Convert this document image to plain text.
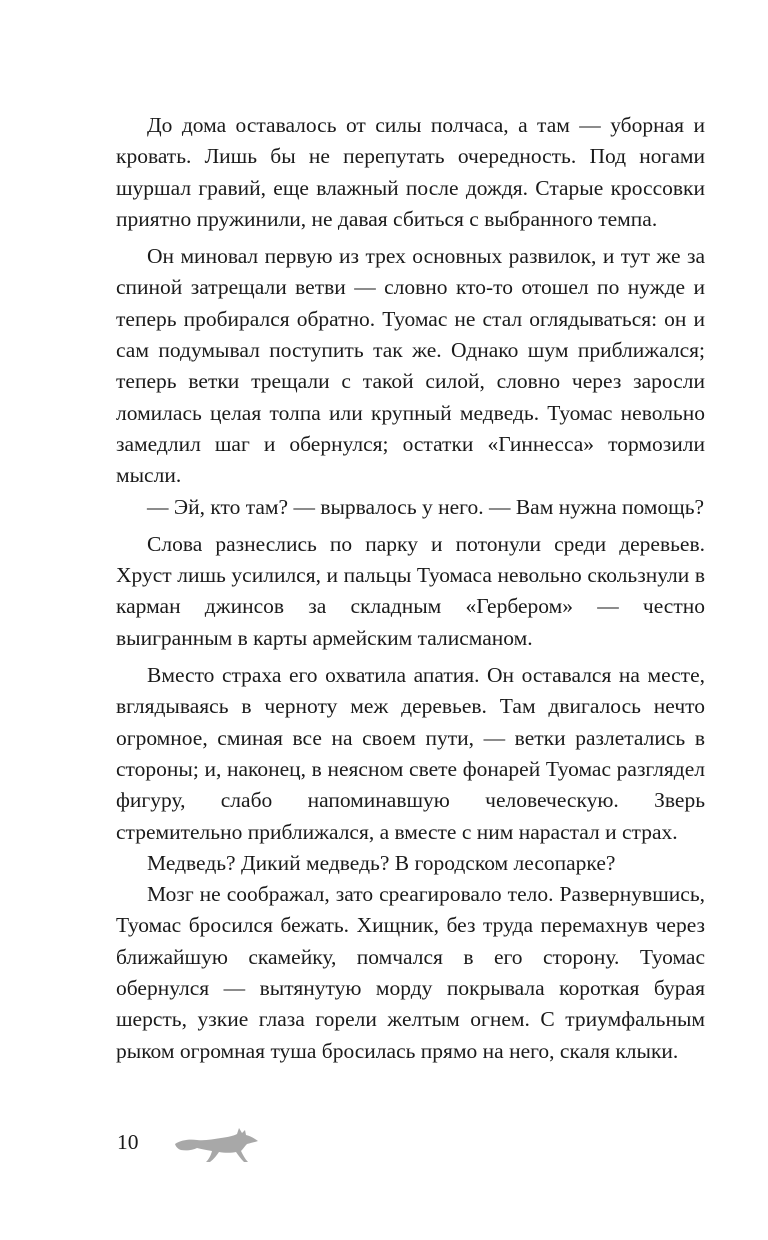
До дома оставалось от силы полчаса, а там — уборная и кровать. Лишь бы не перепутать очередность. Под ногами шуршал гравий, еще влажный после дождя. Старые кроссовки приятно пружинили, не давая сбиться с выбранного темпа.

Он миновал первую из трех основных развилок, и тут же за спиной затрещали ветви — словно кто-то отошел по нужде и теперь пробирался обратно. Туомас не стал оглядываться: он и сам подумывал поступить так же. Однако шум приближался; теперь ветки трещали с такой силой, словно через заросли ломилась целая толпа или крупный медведь. Туомас невольно замедлил шаг и обернулся; остатки «Гиннесса» тормозили мысли.

— Эй, кто там? — вырвалось у него. — Вам нужна помощь?

Слова разнеслись по парку и потонули среди деревьев. Хруст лишь усилился, и пальцы Туомаса невольно скользнули в карман джинсов за складным «Гербером» — честно выигранным в карты армейским талисманом.

Вместо страха его охватила апатия. Он оставался на месте, вглядываясь в черноту меж деревьев. Там двигалось нечто огромное, сминая все на своем пути, — ветки разлетались в стороны; и, наконец, в неясном свете фонарей Туомас разглядел фигуру, слабо напоминавшую человеческую. Зверь стремительно приближался, а вместе с ним нарастал и страх.

Медведь? Дикий медведь? В городском лесопарке?

Мозг не соображал, зато среагировало тело. Развернувшись, Туомас бросился бежать. Хищник, без труда перемахнув через ближайшую скамейку, помчался в его сторону. Туомас обернулся — вытянутую морду покрывала короткая бурая шерсть, узкие глаза горели желтым огнем. С триумфальным рыком огромная туша бросилась прямо на него, скаля клыки.

10
